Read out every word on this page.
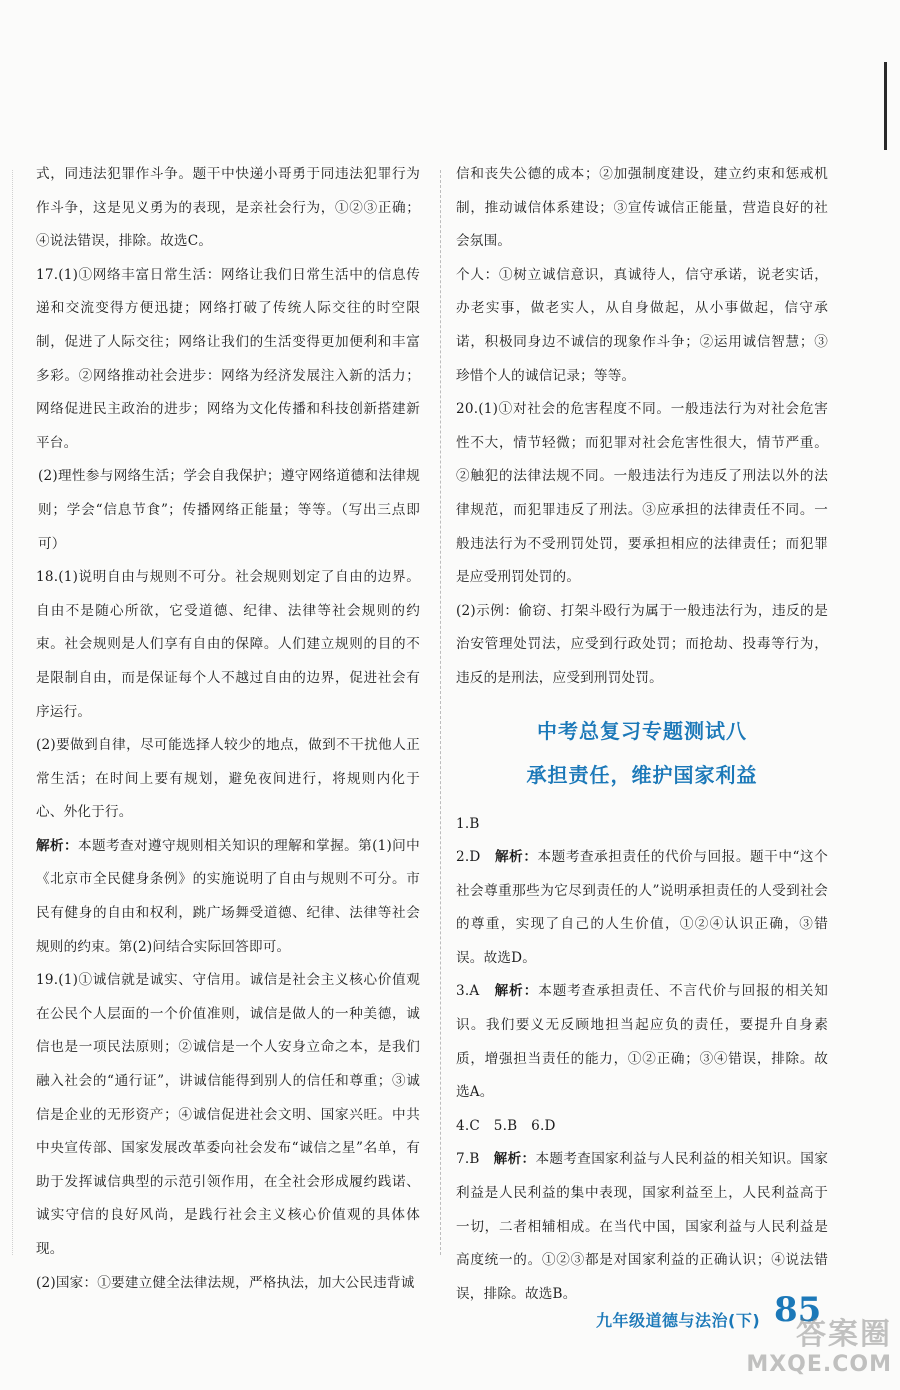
式，同违法犯罪作斗争。题干中快递小哥勇于同违法犯罪行为作斗争，这是见义勇为的表现，是亲社会行为，①②③正确；④说法错误，排除。故选C。

17.(1)①网络丰富日常生活：网络让我们日常生活中的信息传递和交流变得方便迅捷；网络打破了传统人际交往的时空限制，促进了人际交往；网络让我们的生活变得更加便利和丰富多彩。②网络推动社会进步：网络为经济发展注入新的活力；网络促进民主政治的进步；网络为文化传播和科技创新搭建新平台。

(2)理性参与网络生活；学会自我保护；遵守网络道德和法律规则；学会“信息节食”；传播网络正能量；等等。（写出三点即可）

18.(1)说明自由与规则不可分。社会规则划定了自由的边界。自由不是随心所欲，它受道德、纪律、法律等社会规则的约束。社会规则是人们享有自由的保障。人们建立规则的目的不是限制自由，而是保证每个人不越过自由的边界，促进社会有序运行。

(2)要做到自律，尽可能选择人较少的地点，做到不干扰他人正常生活；在时间上要有规划，避免夜间进行，将规则内化于心、外化于行。

解析：本题考查对遵守规则相关知识的理解和掌握。第(1)问中《北京市全民健身条例》的实施说明了自由与规则不可分。市民有健身的自由和权利，跳广场舞受道德、纪律、法律等社会规则的约束。第(2)问结合实际回答即可。

19.(1)①诚信就是诚实、守信用。诚信是社会主义核心价值观在公民个人层面的一个价值准则，诚信是做人的一种美德，诚信也是一项民法原则；②诚信是一个人安身立命之本，是我们融入社会的“通行证”，讲诚信能得到别人的信任和尊重；③诚信是企业的无形资产；④诚信促进社会文明、国家兴旺。中共中央宣传部、国家发展改革委向社会发布“诚信之星”名单，有助于发挥诚信典型的示范引领作用，在全社会形成履约践诺、诚实守信的良好风尚，是践行社会主义核心价值观的具体体现。

(2)国家：①要建立健全法律法规，严格执法，加大公民违背诚

信和丧失公德的成本；②加强制度建设，建立约束和惩戒机制，推动诚信体系建设；③宣传诚信正能量，营造良好的社会氛围。

个人：①树立诚信意识，真诚待人，信守承诺，说老实话，办老实事，做老实人，从自身做起，从小事做起，信守承诺，积极同身边不诚信的现象作斗争；②运用诚信智慧；③珍惜个人的诚信记录；等等。

20.(1)①对社会的危害程度不同。一般违法行为对社会危害性不大，情节轻微；而犯罪对社会危害性很大，情节严重。②触犯的法律法规不同。一般违法行为违反了刑法以外的法律规范，而犯罪违反了刑法。③应承担的法律责任不同。一般违法行为不受刑罚处罚，要承担相应的法律责任；而犯罪是应受刑罚处罚的。

(2)示例：偷窃、打架斗殴行为属于一般违法行为，违反的是治安管理处罚法，应受到行政处罚；而抢劫、投毒等行为，违反的是刑法，应受到刑罚处罚。

中考总复习专题测试八
承担责任，维护国家利益

1.B

2.D　 解析：本题考查承担责任的代价与回报。题干中“这个社会尊重那些为它尽到责任的人”说明承担责任的人受到社会的尊重，实现了自己的人生价值，①②④认识正确，③错误。故选D。

3.A　 解析：本题考查承担责任、不言代价与回报的相关知识。我们要义无反顾地担当起应负的责任，要提升自身素质，增强担当责任的能力，①②正确；③④错误，排除。故选A。

4.C　5.B　6.D

7.B　 解析：本题考查国家利益与人民利益的相关知识。国家利益是人民利益的集中表现，国家利益至上，人民利益高于一切，二者相辅相成。在当代中国，国家利益与人民利益是高度统一的。①②③都是对国家利益的正确认识；④说法错误，排除。故选B。

九年级道德与法治(下) 85
答案圈
MXQE.COM
